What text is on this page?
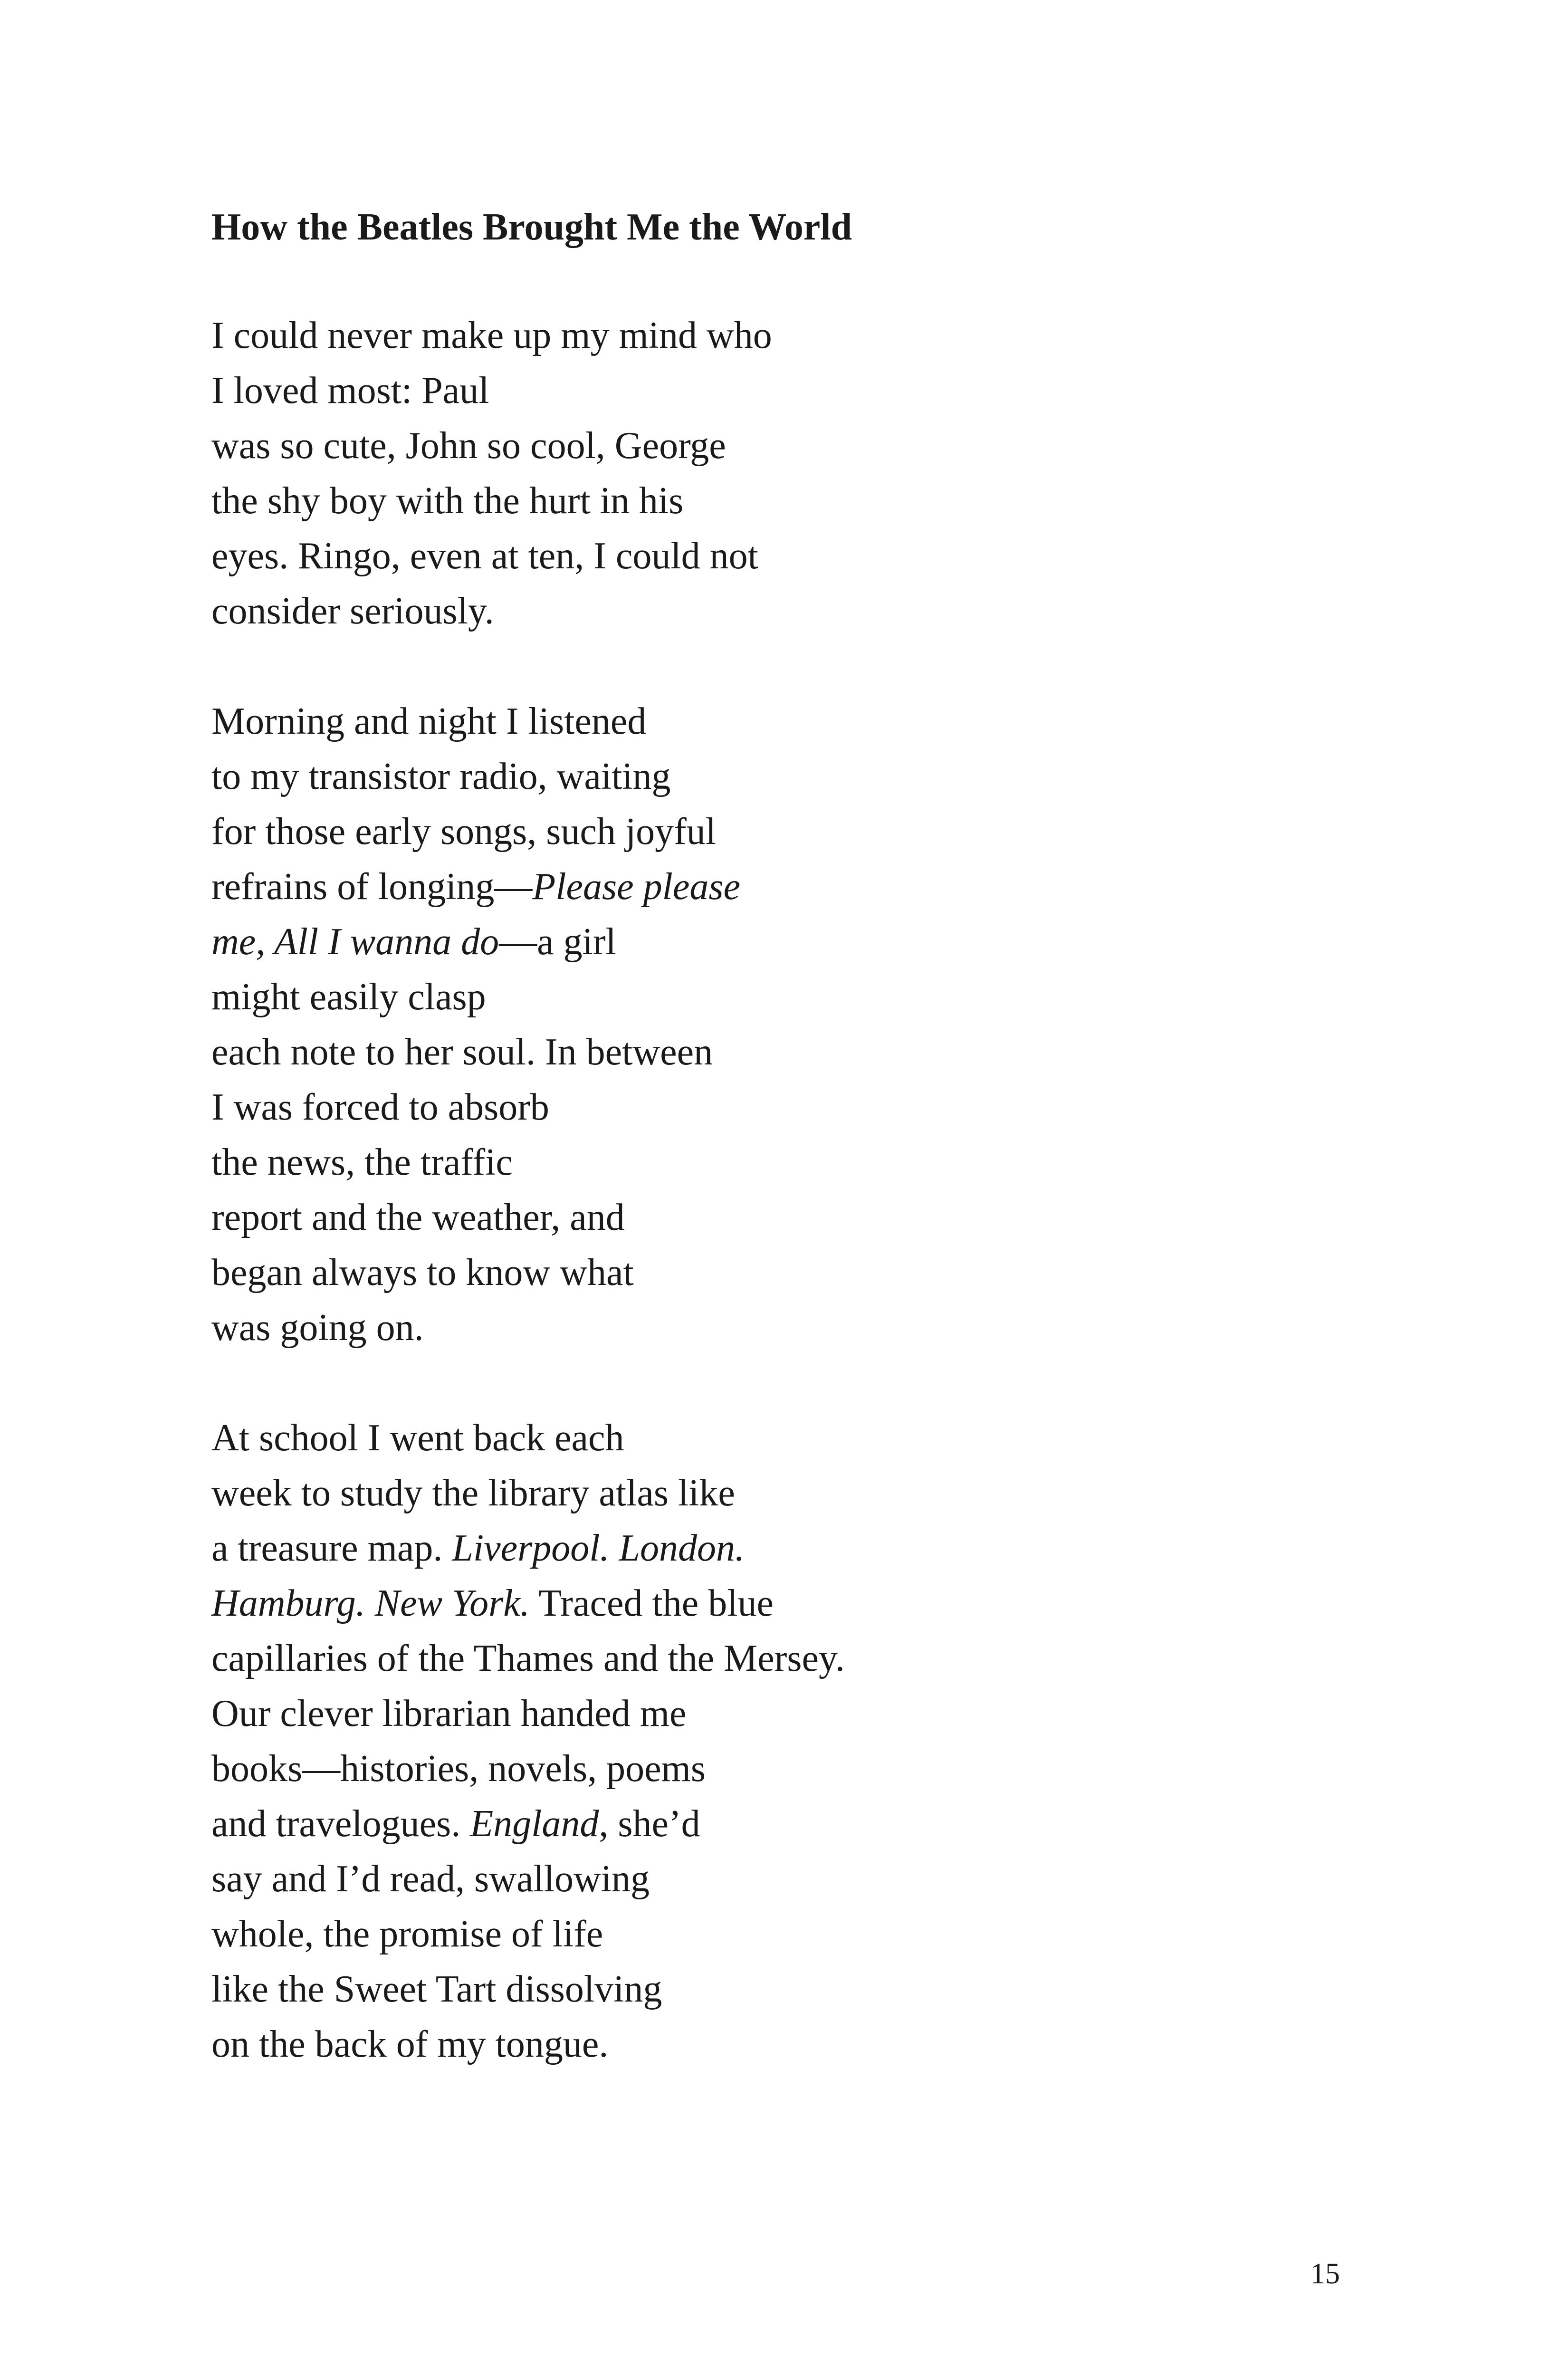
How the Beatles Brought Me the World

I could never make up my mind who
I loved most: Paul
was so cute, John so cool, George
the shy boy with the hurt in his
eyes. Ringo, even at ten, I could not
consider seriously.

Morning and night I listened
to my transistor radio, waiting
for those early songs, such joyful
refrains of longing—Please please
me, All I wanna do—a girl
might easily clasp
each note to her soul. In between
I was forced to absorb
the news, the traffic
report and the weather, and
began always to know what
was going on.

At school I went back each
week to study the library atlas like
a treasure map. Liverpool. London.
Hamburg. New York. Traced the blue
capillaries of the Thames and the Mersey.
Our clever librarian handed me
books—histories, novels, poems
and travelogues. England, she’d
say and I’d read, swallowing
whole, the promise of life
like the Sweet Tart dissolving
on the back of my tongue.

15
